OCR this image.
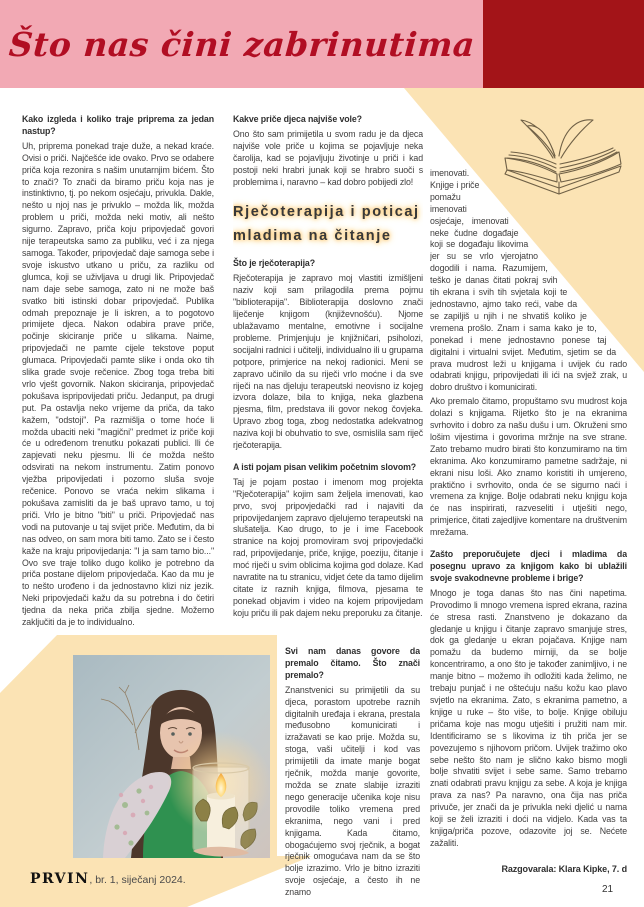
Što nas čini zabrinutima

Kako izgleda i koliko traje priprema za jedan nastup?

Uh, priprema ponekad traje duže, a nekad kraće. Ovisi o priči. Najčešće ide ovako. Prvo se odabere priča koja rezonira s našim unutarnjim bićem. Što to znači? To znači da biramo priču koja nas je instinktivno, tj. po nekom osjećaju, privukla. Dakle, nešto u njoj nas je privuklo – možda lik, možda problem u priči, možda neki motiv, ali nešto sigurno. Zapravo, priča koju pripovjedač govori nije terapeutska samo za publiku, već i za njega samoga. Također, pripovjedač daje samoga sebe i svoje iskustvo utkano u priču, za razliku od glumca, koji se uživljava u drugi lik. Pripovjedač nam daje sebe samoga, zato ni ne može baš svatko biti istinski dobar pripovjedač. Publika odmah prepoznaje je li iskren, a to pogotovo primijete djeca. Nakon odabira prave priče, počinje skiciranje priče u slikama. Naime, pripovjedači ne pamte cijele tekstove poput glumaca. Pripovjedači pamte slike i onda oko tih slika grade svoje rečenice. Zbog toga treba biti vrlo vješt govornik. Nakon skiciranja, pripovjedač pokušava ispripovijedati priču. Jedanput, pa drugi put. Pa ostavlja neko vrijeme da priča, da tako kažem, "odstoji". Pa razmišlja o tome hoće li možda ubaciti neki "magični" predmet iz priče koji će u određenom trenutku pokazati publici. Ili će zapjevati neku pjesmu. Ili će možda nešto odsvirati na nekom instrumentu. Zatim ponovo vježba pripovijedati i pozorno sluša svoje rečenice. Ponovo se vraća nekim slikama i pokušava zamisliti da je baš upravo tamo, u toj priči. Vrlo je bitno "biti" u priči. Pripovjedač nas vodi na putovanje u taj svijet priče. Međutim, da bi nas odveo, on sam mora biti tamo. Zato se i često kaže na kraju pripovijedanja: "I ja sam tamo bio..." Ovo sve traje toliko dugo koliko je potrebno da priča postane dijelom pripovjedača. Kao da mu je to nešto urođeno i da jednostavno klizi niz jezik. Neki pripovjedači kažu da su potrebna i do četiri tjedna da neka priča zbilja sjedne. Možemo zaključiti da je to individualno.

Kakve priče djeca najviše vole?

Ono što sam primijetila u svom radu je da djeca najviše vole priče u kojima se pojavljuje neka čarolija, kad se pojavljuju životinje u priči i kad postoji neki hrabri junak koji se hrabro suoči s problemima i, naravno – kad dobro pobijedi zlo!

Rječoterapija i poticaj mladima na čitanje

Što je rječoterapija?

Rječoterapija je zapravo moj vlastiti izmišljeni naziv koji sam prilagodila prema pojmu "biblioterapija". Biblioterapija doslovno znači liječenje knjigom (književnošću). Njome ublažavamo mentalne, emotivne i socijalne probleme. Primjenjuju je knjižničari, psiholozi, socijalni radnici i učitelji, individualno ili u grupama potpore, primjerice na nekoj radionici. Meni se zapravo učinilo da su riječi vrlo moćne i da sve riječi na nas djeluju terapeutski neovisno iz kojeg izvora dolaze, bila to knjiga, neka glazbena pjesma, film, predstava ili govor nekog čovjeka. Upravo zbog toga, zbog nedostatka adekvatnog naziva koji bi obuhvatio to sve, osmislila sam riječ rječoterapija.

A isti pojam pisan velikim početnim slovom?

Taj je pojam postao i imenom mog projekta "Rječoterapija" kojim sam željela imenovati, kao prvo, svoj pripovjedački rad i najaviti da pripovijedanjem zapravo djelujemo terapeutski na slušatelja. Kao drugo, to je i ime Facebook stranice na kojoj promoviram svoj pripovjedački rad, pripovijedanje, priče, knjige, poeziju, čitanje i moć riječi u svim oblicima kojima god dolaze. Kad navratite na tu stranicu, vidjet ćete da tamo dijelim citate iz raznih knjiga, filmova, pjesama te ponekad objavim i video na kojem pripovijedam koju priču ili pak dajem neku preporuku za čitanje.

Svi nam danas govore da premalo čitamo. Što znači premalo?

Znanstvenici su primijetili da su djeca, porastom upotrebe raznih digitalnih uređaja i ekrana, prestala međusobno komunicirati i izražavati se kao prije. Možda su, stoga, vaši učitelji i kod vas primijetili da imate manje bogat rječnik, možda manje govorite, možda se znate slabije izraziti nego generacije učenika koje nisu provodile toliko vremena pred ekranima, nego vani i pred knjigama. Kada čitamo, obogaćujemo svoj rječnik, a bogat rječnik omogućava nam da se što bolje izrazimo. Vrlo je bitno izraziti svoje osjećaje, a često ih ne znamo

imenovati. Knjige i priče pomažu imenovati osjećaje, imenovati neke čudne događaje koji se događaju likovima jer su se vrlo vjerojatno dogodili i nama. Razumijem, teško je danas čitati pokraj svih tih ekrana i svih tih svjetala koji te jednostavno, ajmo tako reći, vabe da se zapiljiš u njih i ne shvatiš koliko je vremena prošlo. Znam i sama kako je to, ponekad i mene jednostavno ponese taj digitalni i virtualni svijet. Međutim, sjetim se da prava mudrost leži u knjigama i uvijek ću rado odabrati knjigu, pripovijedati ili ići na svjež zrak, u dobro društvo i komunicirati.

Ako premalo čitamo, propuštamo svu mudrost koja dolazi s knjigama. Rijetko što je na ekranima svrhovito i dobro za našu dušu i um. Okruženi smo lošim vijestima i govorima mržnje na sve strane. Zato trebamo mudro birati što konzumiramo na tim ekranima. Ako konzumiramo pametne sadržaje, ni ekrani nisu loši. Ako znamo koristiti ih umjereno, praktično i svrhovito, onda će se sigurno naći i vremena za knjige. Bolje odabrati neku knjigu koja će nas inspirirati, razveseliti i utješiti nego, primjerice, čitati zajedljive komentare na društvenim mrežama.

Zašto preporučujete djeci i mladima da posegnu upravo za knjigom kako bi ublažili svoje svakodnevne probleme i brige?

Mnogo je toga danas što nas čini napetima. Provodimo li mnogo vremena ispred ekrana, razina će stresa rasti. Znanstveno je dokazano da gledanje u knjigu i čitanje zapravo smanjuje stres, dok ga gledanje u ekran pojačava. Knjige nam pomažu da budemo mirniji, da se bolje koncentriramo, a ono što je također zanimljivo, i ne manje bitno – možemo ih odložiti kada želimo, ne trebaju punjač i ne oštećuju našu kožu kao plavo svjetlo na ekranima. Zato, s ekranima pametno, a knjige u ruke – što više, to bolje. Knjige obiluju pričama koje nas mogu utješiti i pružiti nam mir. Identificiramo se s likovima iz tih priča jer se povezujemo s njihovom pričom. Uvijek tražimo oko sebe nešto što nam je slično kako bismo mogli bolje shvatiti svijet i sebe same. Samo trebamo znati odabrati pravu knjigu za sebe. A koja je knjiga prava za nas? Pa naravno, ona čija nas priča privuče, jer znači da je privukla neki djelić u nama koji se želi izraziti i doći na vidjelo. Kada vas ta knjiga/priča pozove, odazovite joj se. Nećete zažaliti.

Razgovarala: Klara Kipke, 7. d

PRVIN, br. 1, siječanj 2024.
21
